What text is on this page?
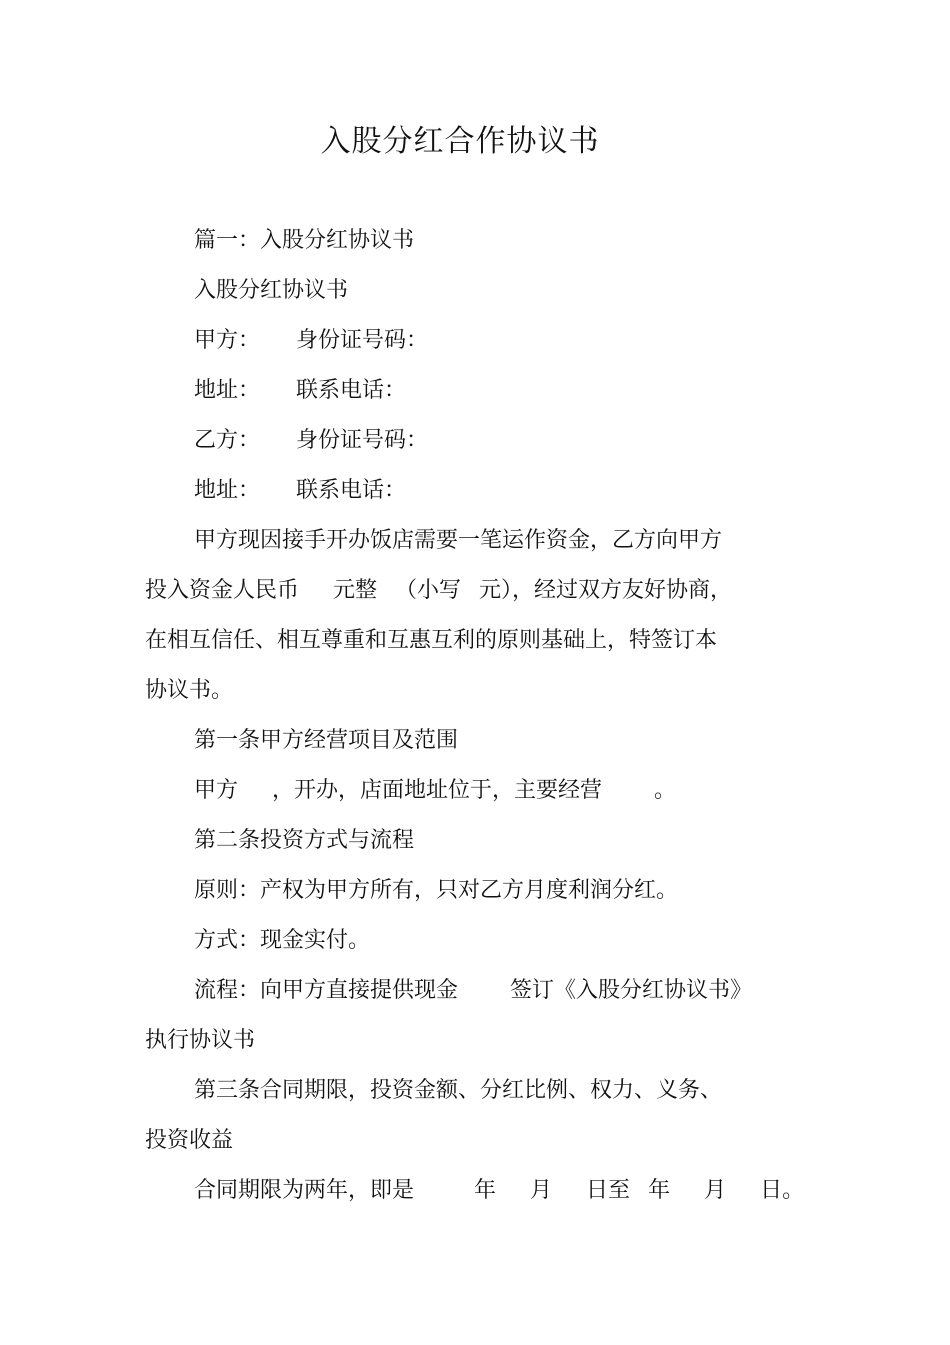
入股分红合作协议书
篇一：入股分红协议书
入股分红协议书
甲方： 身份证号码：
地址： 联系电话：
乙方： 身份证号码：
地址： 联系电话：
甲方现因接手开办饭店需要一笔运作资金，乙方向甲方
投入资金人民币 元整 （小写 元），经过双方友好协商，
在相互信任、相互尊重和互惠互利的原则基础上，特签订本
协议书。
第一条甲方经营项目及范围
甲方 ，开办，店面地址位于，主要经营 。
第二条投资方式与流程
原则：产权为甲方所有，只对乙方月度利润分红。
方式：现金实付。
流程：向甲方直接提供现金 签订《入股分红协议书》
执行协议书
第三条合同期限，投资金额、分红比例、权力、义务、
投资收益
合同期限为两年，即是	年 月 日至 年 月 日。
